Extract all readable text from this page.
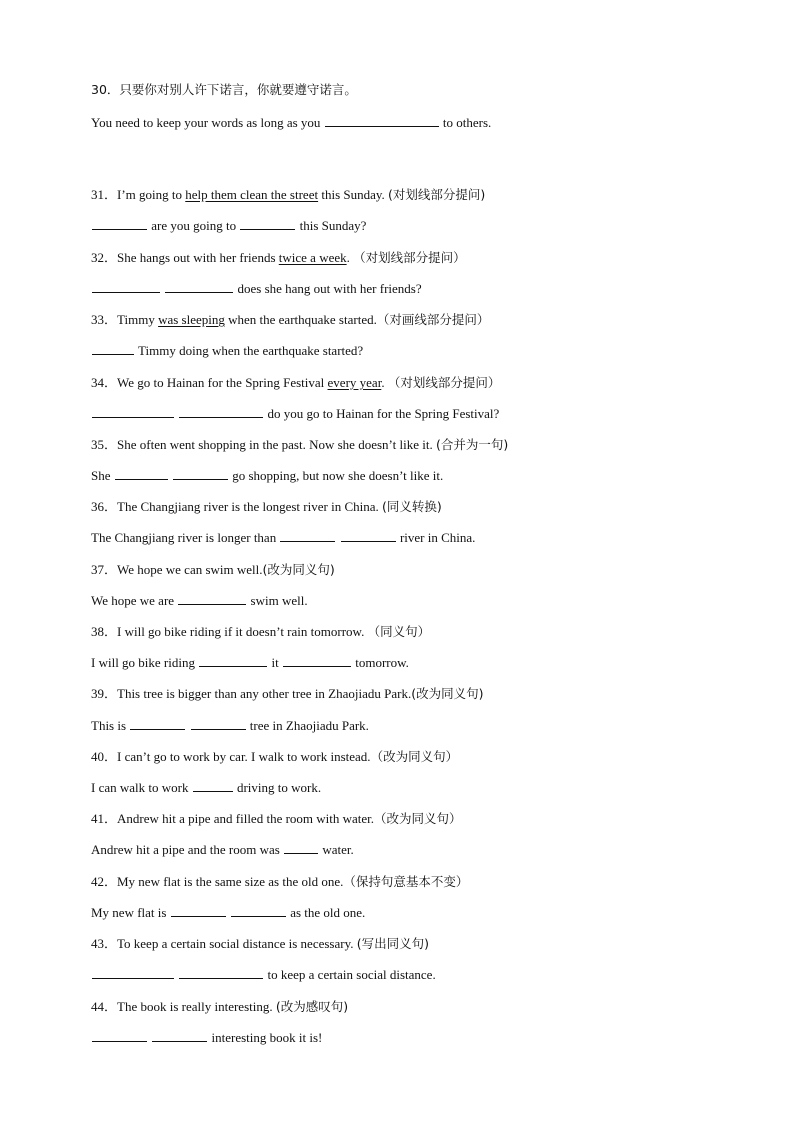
30．只要你对别人许下诺言，你就要遵守诺言。
You need to keep your words as long as you	to others.
31．I’m going to help them clean the street this Sunday. (对划线部分提问)
are you going to	this Sunday?
32．She hangs out with her friends twice a week. （对划线部分提问）
does she hang out with her friends?
33．Timmy was sleeping when the earthquake started.（对画线部分提问）
Timmy doing when the earthquake started?
34．We go to Hainan for the Spring Festival every year. （对划线部分提问）
do you go to Hainan for the Spring Festival?
35．She often went shopping in the past. Now she doesn’t like it. (合并为一句)
She	go shopping, but now she doesn’t like it.
36．The Changjiang river is the longest river in China. (同义转换)
The Changjiang river is longer than	river in China.
37．We hope we can swim well.(改为同义句)
We hope we are	swim well.
38．I will go bike riding if it doesn’t rain tomorrow. （同义句）
I will go bike riding	it	tomorrow.
39．This tree is bigger than any other tree in Zhaojiadu Park.(改为同义句)
This is	tree in Zhaojiadu Park.
40．I can’t go to work by car. I walk to work instead.（改为同义句）
I can walk to work	driving to work.
41．Andrew hit a pipe and filled the room with water.（改为同义句）
Andrew hit a pipe and the room was	water.
42．My new flat is the same size as the old one.（保持句意基本不变）
My new flat is	as the old one.
43．To keep a certain social distance is necessary. (写出同义句)
to keep a certain social distance.
44．The book is really interesting. (改为感叹句)
interesting book it is!
